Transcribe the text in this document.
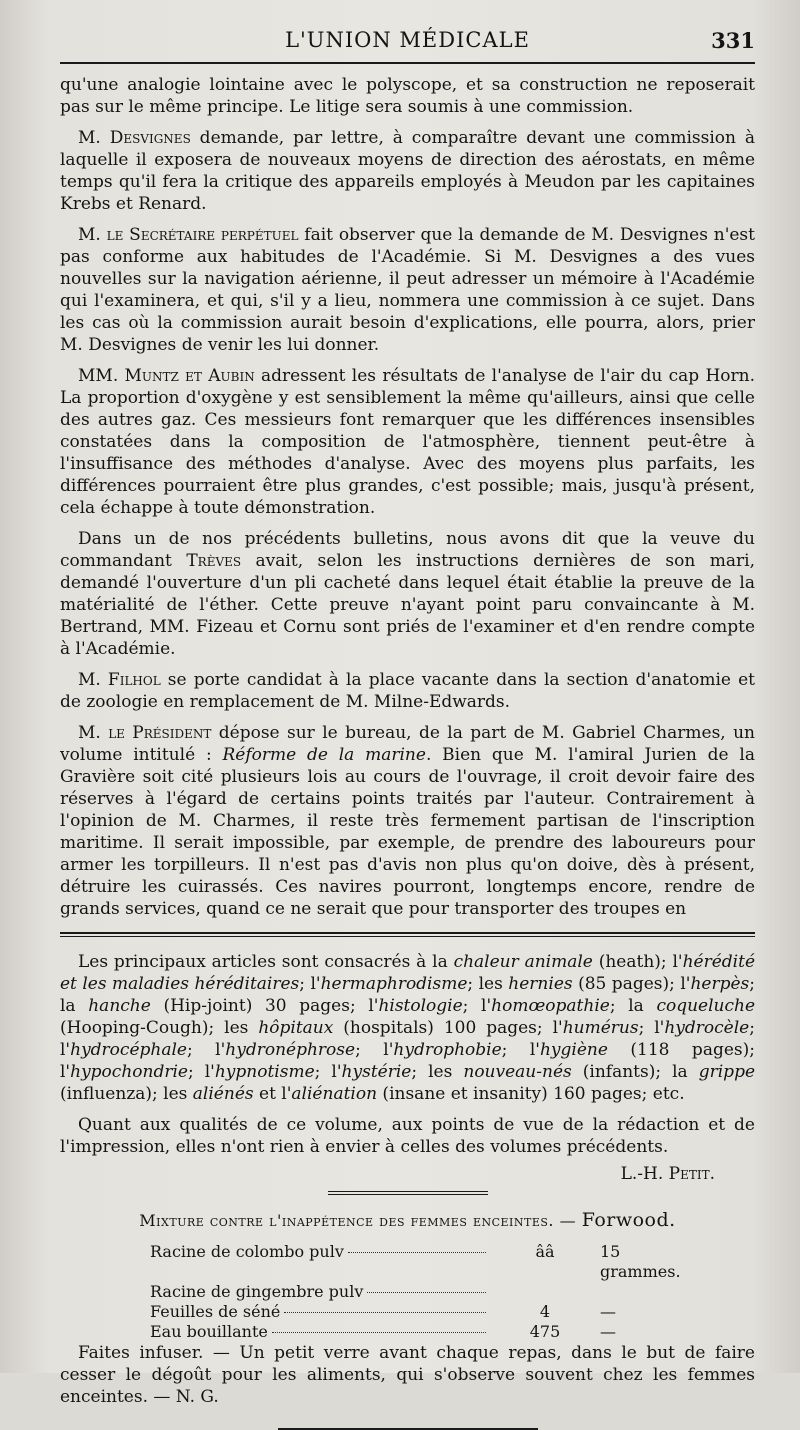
L'UNION MÉDICALE	331

qu'une analogie lointaine avec le polyscope, et sa construction ne reposerait pas sur le même principe. Le litige sera soumis à une commission.

M. Desvignes demande, par lettre, à comparaître devant une commission à laquelle il exposera de nouveaux moyens de direction des aérostats, en même temps qu'il fera la critique des appareils employés à Meudon par les capitaines Krebs et Renard.

M. le Secrétaire perpétuel fait observer que la demande de M. Desvignes n'est pas conforme aux habitudes de l'Académie. Si M. Desvignes a des vues nouvelles sur la navigation aérienne, il peut adresser un mémoire à l'Académie qui l'examinera, et qui, s'il y a lieu, nommera une commission à ce sujet. Dans les cas où la commission aurait besoin d'explications, elle pourra, alors, prier M. Desvignes de venir les lui donner.

MM. Muntz et Aubin adressent les résultats de l'analyse de l'air du cap Horn. La proportion d'oxygène y est sensiblement la même qu'ailleurs, ainsi que celle des autres gaz. Ces messieurs font remarquer que les différences insensibles constatées dans la composition de l'atmosphère, tiennent peut-être à l'insuffisance des méthodes d'analyse. Avec des moyens plus parfaits, les différences pourraient être plus grandes, c'est possible; mais, jusqu'à présent, cela échappe à toute démonstration.

Dans un de nos précédents bulletins, nous avons dit que la veuve du commandant Trèves avait, selon les instructions dernières de son mari, demandé l'ouverture d'un pli cacheté dans lequel était établie la preuve de la matérialité de l'éther. Cette preuve n'ayant point paru convaincante à M. Bertrand, MM. Fizeau et Cornu sont priés de l'examiner et d'en rendre compte à l'Académie.

M. Filhol se porte candidat à la place vacante dans la section d'anatomie et de zoologie en remplacement de M. Milne-Edwards.

M. le Président dépose sur le bureau, de la part de M. Gabriel Charmes, un volume intitulé : Réforme de la marine. Bien que M. l'amiral Jurien de la Gravière soit cité plusieurs lois au cours de l'ouvrage, il croit devoir faire des réserves à l'égard de certains points traités par l'auteur. Contrairement à l'opinion de M. Charmes, il reste très fermement partisan de l'inscription maritime. Il serait impossible, par exemple, de prendre des laboureurs pour armer les torpilleurs. Il n'est pas d'avis non plus qu'on doive, dès à présent, détruire les cuirassés. Ces navires pourront, longtemps encore, rendre de grands services, quand ce ne serait que pour transporter des troupes en

Les principaux articles sont consacrés à la chaleur animale (heath); l'hérédité et les maladies héréditaires; l'hermaphrodisme; les hernies (85 pages); l'herpès; la hanche (Hip-joint) 30 pages; l'histologie; l'homœopathie; la coqueluche (Hooping-Cough); les hôpitaux (hospitals) 100 pages; l'humérus; l'hydrocèle; l'hydrocéphale; l'hydronéphrose; l'hydrophobie; l'hygiène (118 pages); l'hypochondrie; l'hypnotisme; l'hystérie; les nouveau-nés (infants); la grippe (influenza); les aliénés et l'aliénation (insane et insanity) 160 pages; etc.

Quant aux qualités de ce volume, aux points de vue de la rédaction et de l'impression, elles n'ont rien à envier à celles des volumes précédents.

L.-H. Petit.
Mixture contre l'inappétence des femmes enceintes. — Forwood.
Racine de colombo pulv	ââ	15 grammes.
Racine de gingembre pulv
Feuilles de séné	4	—
Eau bouillante	475	—

Faites infuser. — Un petit verre avant chaque repas, dans le but de faire cesser le dégoût pour les aliments, qui s'observe souvent chez les femmes enceintes. — N. G.
